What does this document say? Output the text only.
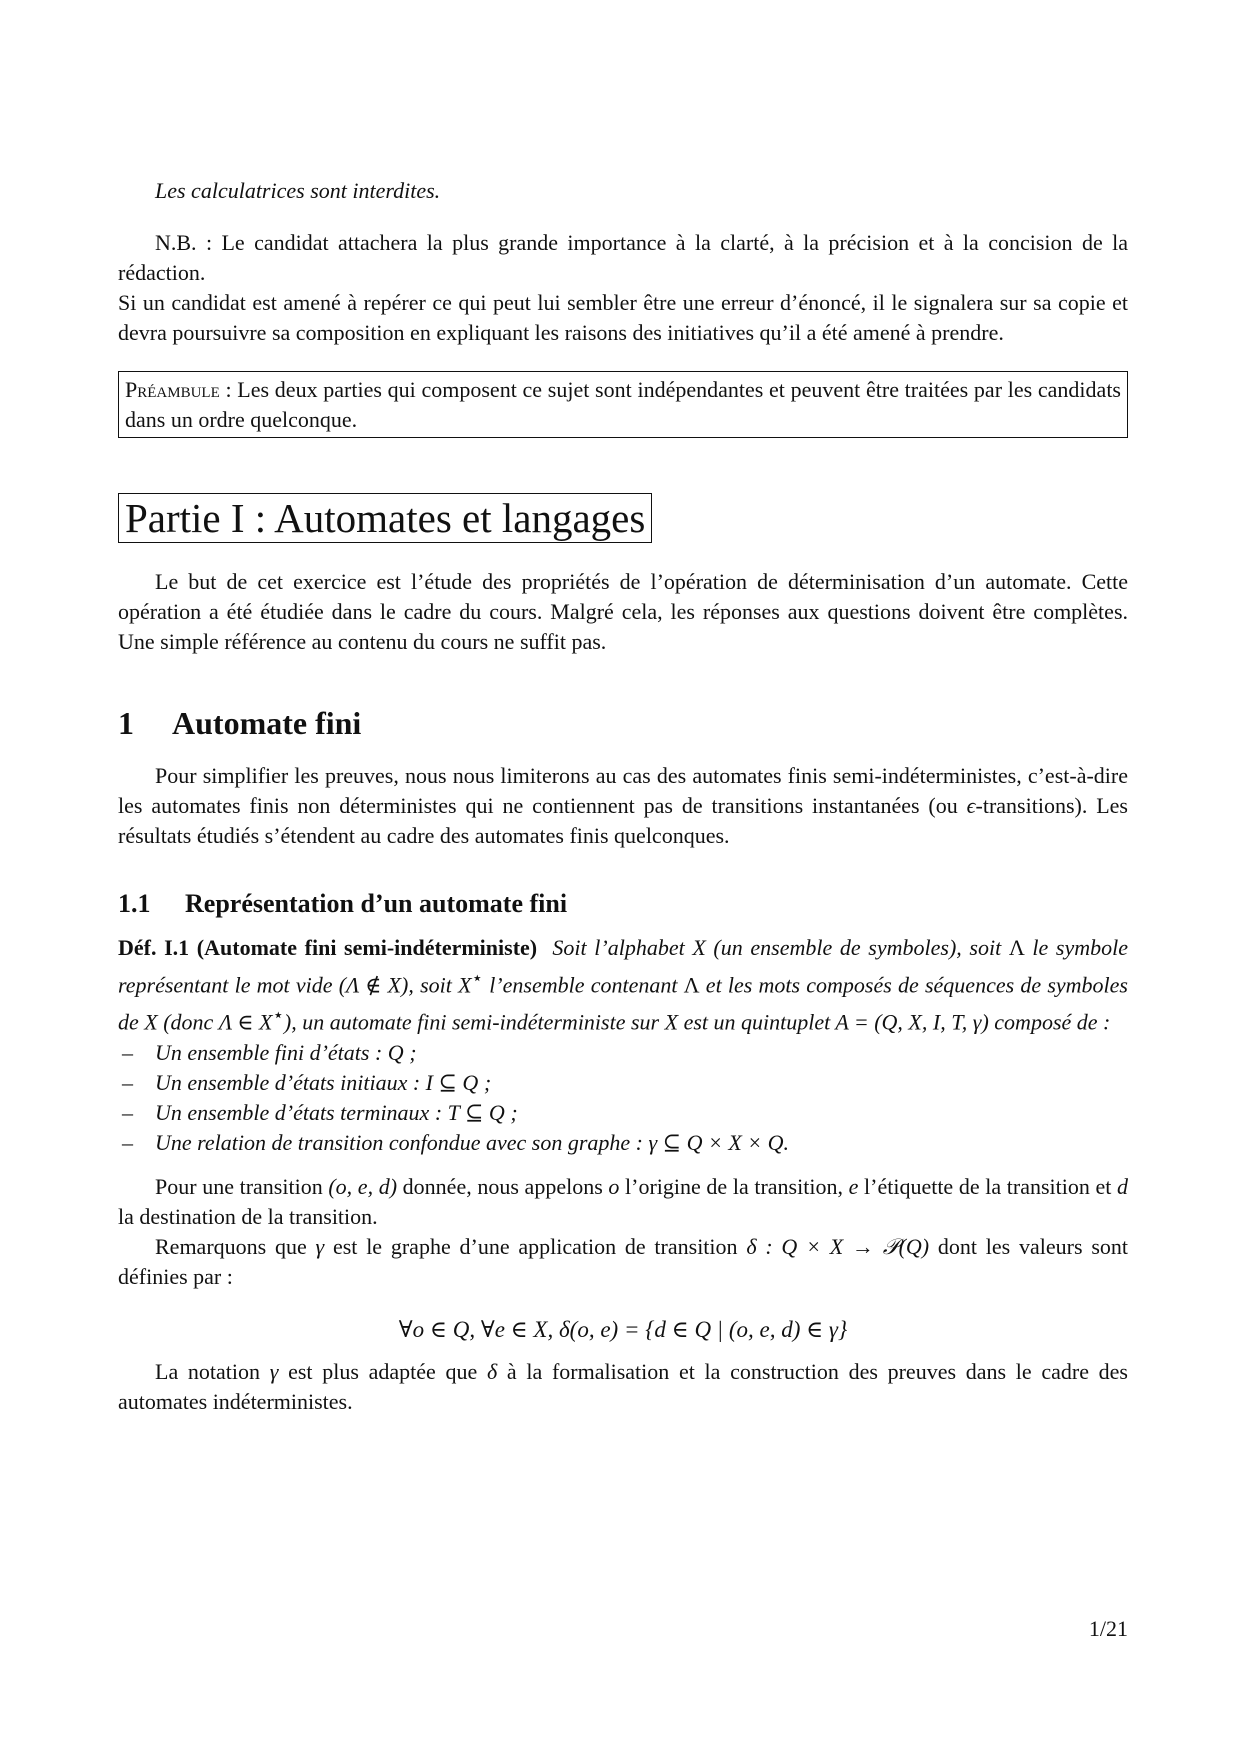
Les calculatrices sont interdites.

N.B. : Le candidat attachera la plus grande importance à la clarté, à la précision et à la concision de la rédaction.

Si un candidat est amené à repérer ce qui peut lui sembler être une erreur d’énoncé, il le signalera sur sa copie et devra poursuivre sa composition en expliquant les raisons des initiatives qu’il a été amené à prendre.

Préambule : Les deux parties qui composent ce sujet sont indépendantes et peuvent être traitées par les candidats dans un ordre quelconque.
Partie I : Automates et langages

Le but de cet exercice est l’étude des propriétés de l’opération de déterminisation d’un automate. Cette opération a été étudiée dans le cadre du cours. Malgré cela, les réponses aux questions doivent être complètes. Une simple référence au contenu du cours ne suffit pas.

1 Automate fini

Pour simplifier les preuves, nous nous limiterons au cas des automates finis semi-indéterministes, c’est-à-dire les automates finis non déterministes qui ne contiennent pas de transitions instantanées (ou ϵ-transitions). Les résultats étudiés s’étendent au cadre des automates finis quelconques.

1.1 Représentation d’un automate fini

Déf. I.1 (Automate fini semi-indéterministe) Soit l’alphabet X (un ensemble de symboles), soit Λ le symbole représentant le mot vide (Λ ∉ X), soit X⋆ l’ensemble contenant Λ et les mots composés de séquences de symboles de X (donc Λ ∈ X⋆), un automate fini semi-indéterministe sur X est un quintuplet A = (Q, X, I, T, γ) composé de :

– Un ensemble fini d’états : Q ;
– Un ensemble d’états initiaux : I ⊆ Q ;
– Un ensemble d’états terminaux : T ⊆ Q ;
– Une relation de transition confondue avec son graphe : γ ⊆ Q × X × Q.

Pour une transition (o, e, d) donnée, nous appelons o l’origine de la transition, e l’étiquette de la transition et d la destination de la transition.

Remarquons que γ est le graphe d’une application de transition δ : Q × X → 𝒫(Q) dont les valeurs sont définies par :

∀o ∈ Q, ∀e ∈ X, δ(o, e) = {d ∈ Q | (o, e, d) ∈ γ}

La notation γ est plus adaptée que δ à la formalisation et la construction des preuves dans le cadre des automates indéterministes.

1/21
